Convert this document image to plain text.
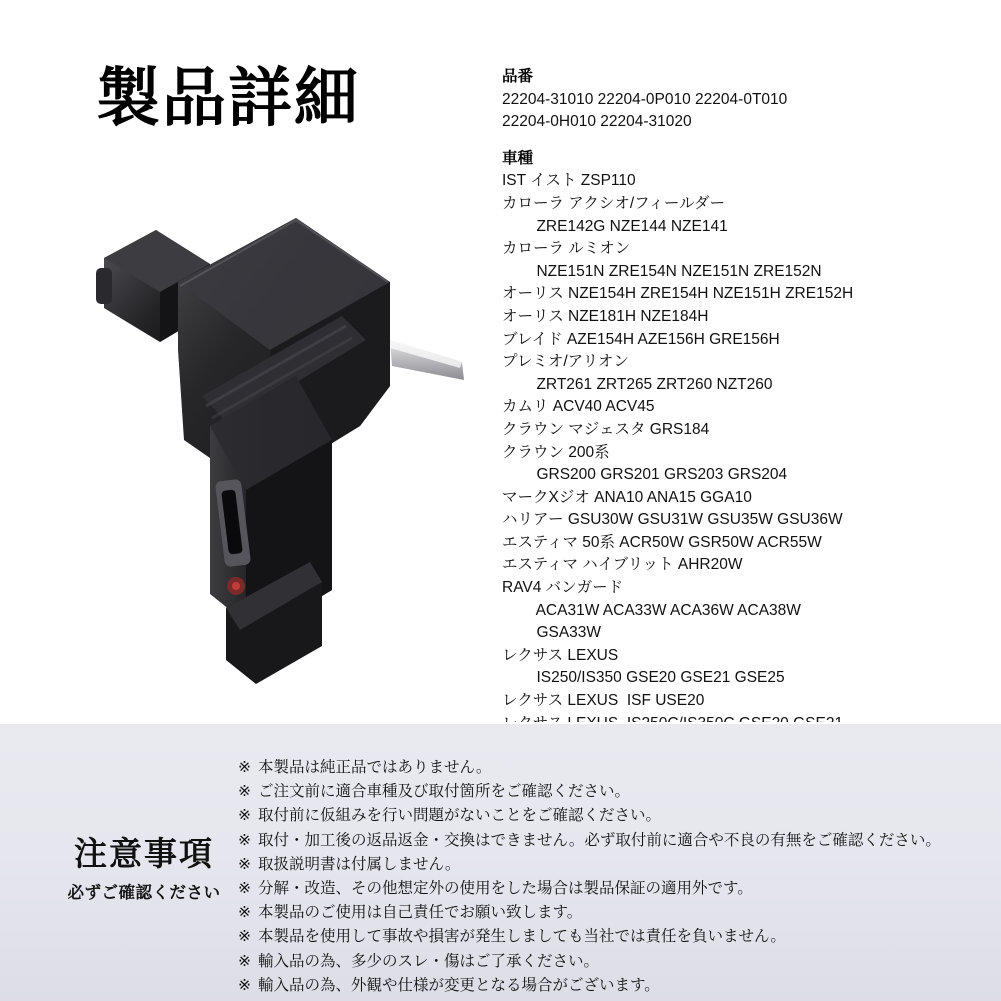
製品詳細	品番
22204-31010 22204-0P010 22204-0T010
22204-0H010 22204-31020
車種
IST イスト ZSP110
カローラ アクシオ/フィールダー
ZRE142G NZE144 NZE141
カローラ ルミオン
NZE151N ZRE154N NZE151N ZRE152N
オーリス NZE154H ZRE154H NZE151H ZRE152H
オーリス NZE181H NZE184H
ブレイド AZE154H AZE156H GRE156H
プレミオ/アリオン
ZRT261 ZRT265 ZRT260 NZT260
カムリ ACV40 ACV45
クラウン マジェスタ GRS184
クラウン 200系
GRS200 GRS201 GRS203 GRS204
マークXジオ ANA10 ANA15 GGA10
ハリアー GSU30W GSU31W GSU35W GSU36W
エスティマ 50系 ACR50W GSR50W ACR55W
エスティマ ハイブリット AHR20W
RAV4 バンガード
ACA31W ACA33W ACA36W ACA38W
GSA33W
レクサス LEXUS
IS250/IS350 GSE20 GSE21 GSE25
レクサス LEXUS  ISF USE20
注意事項
必ずご確認ください
※ 本製品は純正品ではありません。
※ ご注文前に適合車種及び取付箇所をご確認ください。
※ 取付前に仮組みを行い問題がないことをご確認ください。
※ 取付・加工後の返品返金・交換はできません。必ず取付前に適合や不良の有無をご確認ください。
※ 取扱説明書は付属しません。
※ 分解・改造、その他想定外の使用をした場合は製品保証の適用外です。
※ 本製品のご使用は自己責任でお願い致します。
※ 本製品を使用して事故や損害が発生しましても当社では責任を負いません。
※ 輸入品の為、多少のスレ・傷はご了承ください。
※ 輸入品の為、外観や仕様が変更となる場合がございます。
